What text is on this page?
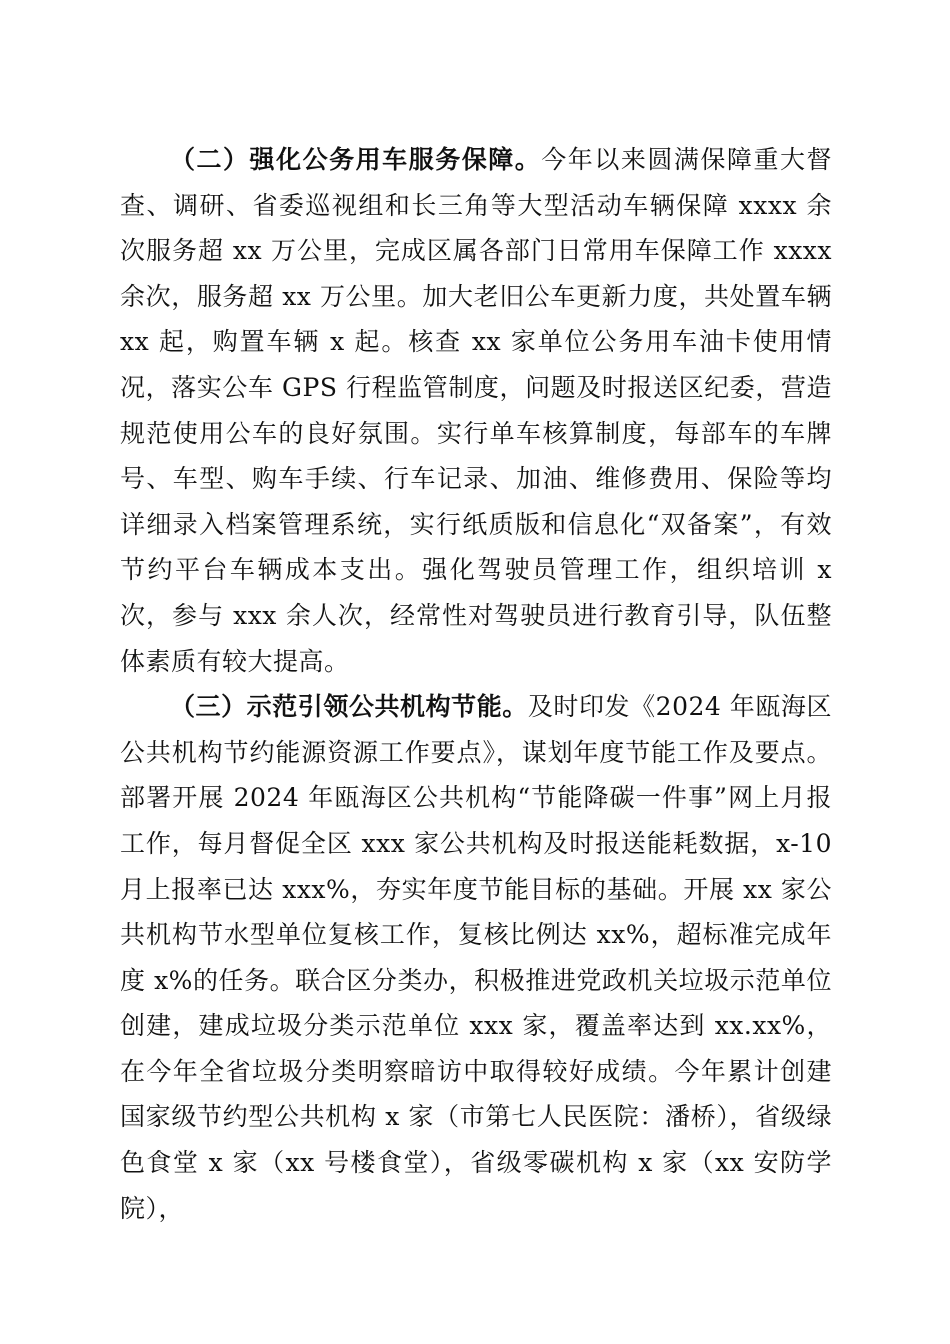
（二）强化公务用车服务保障。今年以来圆满保障重大督查、调研、省委巡视组和长三角等大型活动车辆保障 xxxx 余次服务超 xx 万公里，完成区属各部门日常用车保障工作 xxxx 余次，服务超 xx 万公里。加大老旧公车更新力度，共处置车辆 xx 起，购置车辆 x 起。核查 xx 家单位公务用车油卡使用情况，落实公车 GPS 行程监管制度，问题及时报送区纪委，营造规范使用公车的良好氛围。实行单车核算制度，每部车的车牌号、车型、购车手续、行车记录、加油、维修费用、保险等均详细录入档案管理系统，实行纸质版和信息化“双备案”，有效节约平台车辆成本支出。强化驾驶员管理工作，组织培训 x 次，参与 xxx 余人次，经常性对驾驶员进行教育引导，队伍整体素质有较大提高。

（三）示范引领公共机构节能。及时印发《2024 年瓯海区公共机构节约能源资源工作要点》，谋划年度节能工作及要点。部署开展 2024 年瓯海区公共机构“节能降碳一件事”网上月报工作，每月督促全区 xxx 家公共机构及时报送能耗数据，x-10 月上报率已达 xxx%，夯实年度节能目标的基础。开展 xx 家公共机构节水型单位复核工作，复核比例达 xx%，超标准完成年度 x%的任务。联合区分类办，积极推进党政机关垃圾示范单位创建，建成垃圾分类示范单位 xxx 家，覆盖率达到 xx.xx%，在今年全省垃圾分类明察暗访中取得较好成绩。今年累计创建国家级节约型公共机构 x 家（市第七人民医院：潘桥），省级绿色食堂 x 家（xx 号楼食堂），省级零碳机构 x 家（xx 安防学院），
